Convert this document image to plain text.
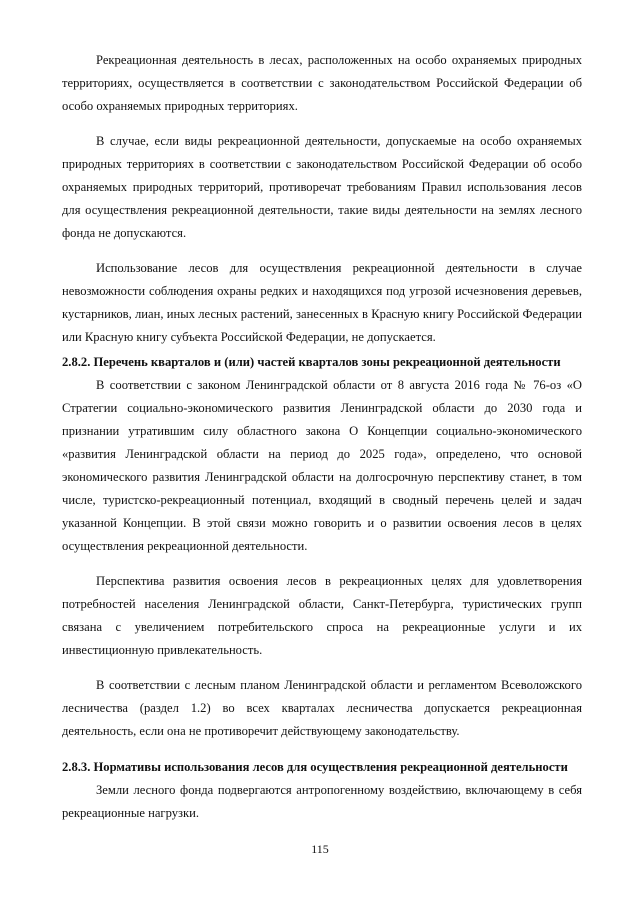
Рекреационная деятельность в лесах, расположенных на особо охраняемых природных территориях, осуществляется в соответствии с законодательством Российской Федерации об особо охраняемых природных территориях.

В случае, если виды рекреационной деятельности, допускаемые на особо охраняемых природных территориях в соответствии с законодательством Российской Федерации об особо охраняемых природных территорий, противоречат требованиям Правил использования лесов для осуществления рекреационной деятельности, такие виды деятельности на землях лесного фонда не допускаются.

Использование лесов для осуществления рекреационной деятельности в случае невозможности соблюдения охраны редких и находящихся под угрозой исчезновения деревьев, кустарников, лиан, иных лесных растений, занесенных в Красную книгу Российской Федерации или Красную книгу субъекта Российской Федерации, не допускается.

2.8.2. Перечень кварталов и (или) частей кварталов зоны рекреационной деятельности

В соответствии с законом Ленинградской области от 8 августа 2016 года № 76-оз «О Стратегии социально-экономического развития Ленинградской области до 2030 года и признании утратившим силу областного закона О Концепции социально-экономического «развития Ленинградской области на период до 2025 года», определено, что основой экономического развития Ленинградской области на долгосрочную перспективу станет, в том числе, туристско-рекреационный потенциал, входящий в сводный перечень целей и задач указанной Концепции. В этой связи можно говорить и о развитии освоения лесов в целях осуществления рекреационной деятельности.

Перспектива развития освоения лесов в рекреационных целях для удовлетворения потребностей населения Ленинградской области, Санкт-Петербурга, туристических групп связана с увеличением потребительского спроса на рекреационные услуги и их инвестиционную привлекательность.

В соответствии с лесным планом Ленинградской области и регламентом Всеволожского лесничества (раздел 1.2) во всех кварталах лесничества допускается рекреационная деятельность, если она не противоречит действующему законодательству.

2.8.3. Нормативы использования лесов для осуществления рекреационной деятельности

Земли лесного фонда подвергаются антропогенному воздействию, включающему в себя рекреационные нагрузки.

115
